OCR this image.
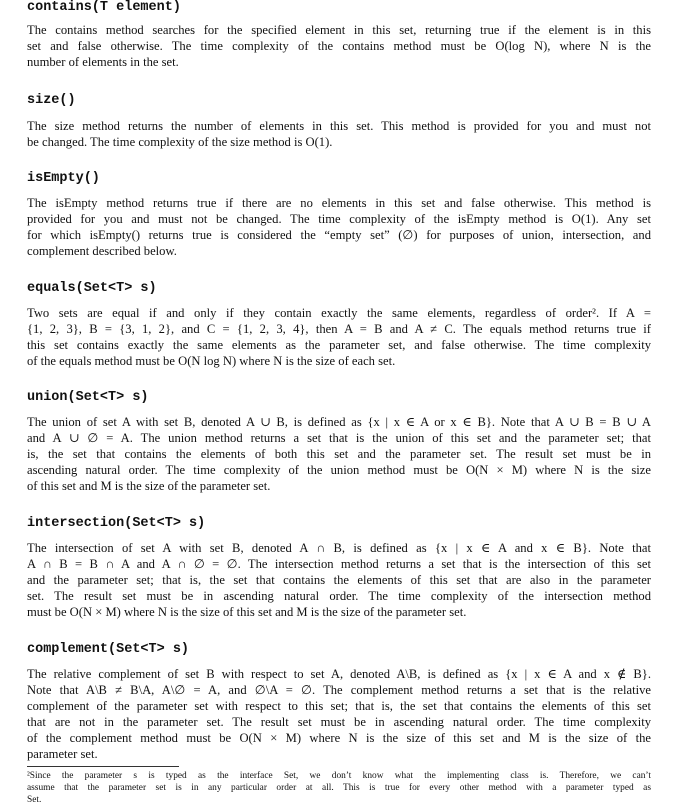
contains(T element)
The contains method searches for the specified element in this set, returning true if the element is in this
set and false otherwise. The time complexity of the contains method must be O(log N), where N is the
number of elements in the set.
size()
The size method returns the number of elements in this set. This method is provided for you and must not
be changed. The time complexity of the size method is O(1).
isEmpty()
The isEmpty method returns true if there are no elements in this set and false otherwise. This method is
provided for you and must not be changed. The time complexity of the isEmpty method is O(1). Any set
for which isEmpty() returns true is considered the “empty set” (∅) for purposes of union, intersection, and
complement described below.
equals(Set<T> s)
Two sets are equal if and only if they contain exactly the same elements, regardless of order². If A =
{1, 2, 3}, B = {3, 1, 2}, and C = {1, 2, 3, 4}, then A = B and A ≠ C. The equals method returns true if
this set contains exactly the same elements as the parameter set, and false otherwise. The time complexity
of the equals method must be O(N log N) where N is the size of each set.
union(Set<T> s)
The union of set A with set B, denoted A ∪ B, is defined as {x | x ∈ A or x ∈ B}. Note that A ∪ B = B ∪ A
and A ∪ ∅ = A. The union method returns a set that is the union of this set and the parameter set; that
is, the set that contains the elements of both this set and the parameter set. The result set must be in
ascending natural order. The time complexity of the union method must be O(N × M) where N is the size
of this set and M is the size of the parameter set.
intersection(Set<T> s)
The intersection of set A with set B, denoted A ∩ B, is defined as {x | x ∈ A and x ∈ B}. Note that
A ∩ B = B ∩ A and A ∩ ∅ = ∅. The intersection method returns a set that is the intersection of this set
and the parameter set; that is, the set that contains the elements of this set that are also in the parameter
set. The result set must be in ascending natural order. The time complexity of the intersection method
must be O(N × M) where N is the size of this set and M is the size of the parameter set.
complement(Set<T> s)
The relative complement of set B with respect to set A, denoted A\B, is defined as {x | x ∈ A and x ∉ B}.
Note that A\B ≠ B\A, A\∅ = A, and ∅\A = ∅. The complement method returns a set that is the relative
complement of the parameter set with respect to this set; that is, the set that contains the elements of this set
that are not in the parameter set. The result set must be in ascending natural order. The time complexity
of the complement method must be O(N × M) where N is the size of this set and M is the size of the
parameter set.
²Since the parameter s is typed as the interface Set, we don’t know what the implementing class is. Therefore, we can’t
assume that the parameter set is in any particular order at all. This is true for every other method with a parameter typed as
Set.
